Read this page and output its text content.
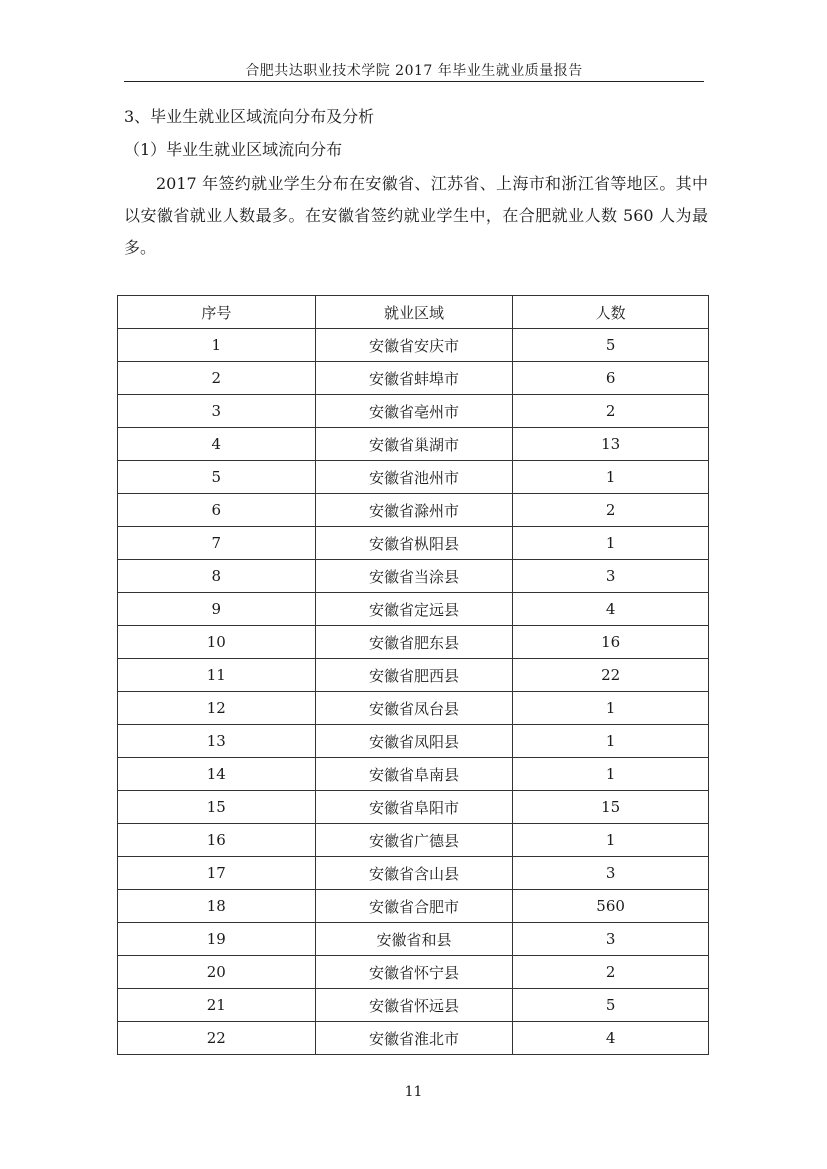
合肥共达职业技术学院 2017 年毕业生就业质量报告
3、毕业生就业区域流向分布及分析
（1）毕业生就业区域流向分布

2017 年签约就业学生分布在安徽省、江苏省、上海市和浙江省等地区。其中以安徽省就业人数最多。在安徽省签约就业学生中，在合肥就业人数 560 人为最多。

序号	就业区域	人数
1	安徽省安庆市	5
2	安徽省蚌埠市	6
3	安徽省亳州市	2
4	安徽省巢湖市	13
5	安徽省池州市	1
6	安徽省滁州市	2
7	安徽省枞阳县	1
8	安徽省当涂县	3
9	安徽省定远县	4
10	安徽省肥东县	16
11	安徽省肥西县	22
12	安徽省凤台县	1
13	安徽省凤阳县	1
14	安徽省阜南县	1
15	安徽省阜阳市	15
16	安徽省广德县	1
17	安徽省含山县	3
18	安徽省合肥市	560
19	安徽省和县	3
20	安徽省怀宁县	2
21	安徽省怀远县	5
22	安徽省淮北市	4
11
